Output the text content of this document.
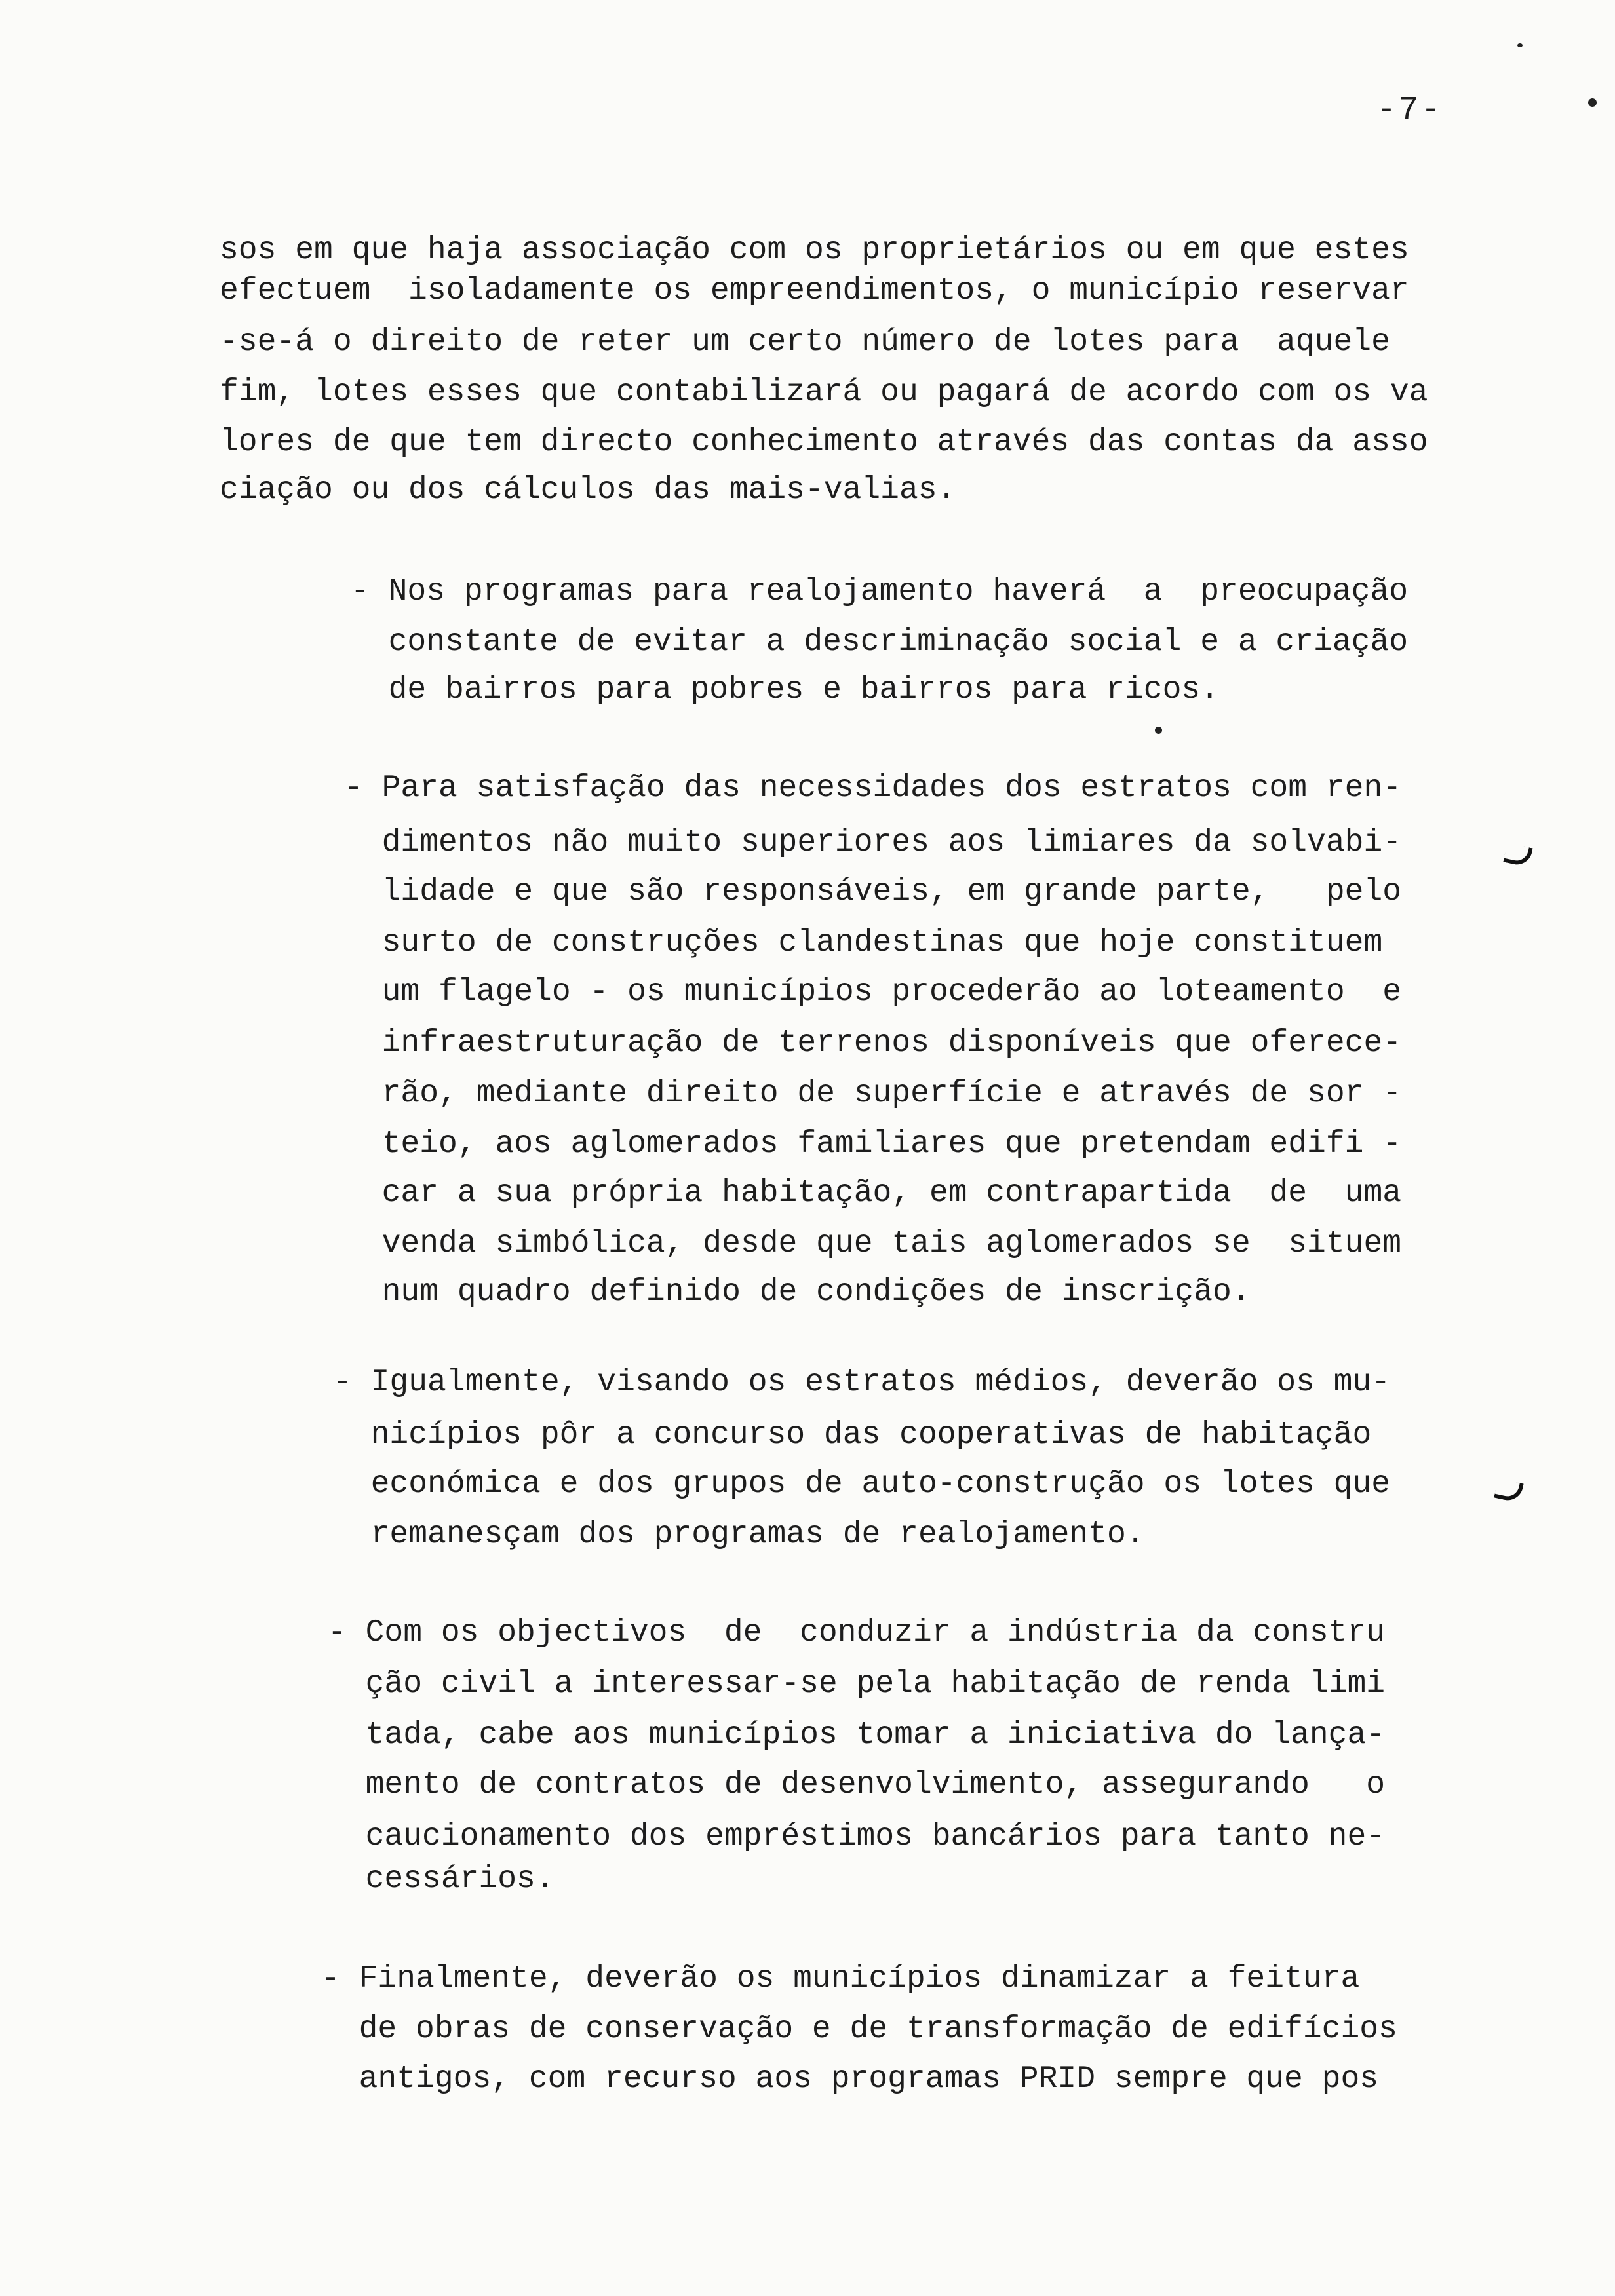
-7-

sos em que haja associação com os proprietários ou em que estes

efectuem  isoladamente os empreendimentos, o município reservar

-se-á o direito de reter um certo número de lotes para  aquele

fim, lotes esses que contabilizará ou pagará de acordo com os va

lores de que tem directo conhecimento através das contas da asso

ciação ou dos cálculos das mais-valias.

- Nos programas para realojamento haverá  a  preocupação

constante de evitar a descriminação social e a criação

de bairros para pobres e bairros para ricos.

- Para satisfação das necessidades dos estratos com ren-

dimentos não muito superiores aos limiares da solvabi-

lidade e que são responsáveis, em grande parte,   pelo

surto de construções clandestinas que hoje constituem

um flagelo - os municípios procederão ao loteamento  e

infraestruturação de terrenos disponíveis que oferece-

rão, mediante direito de superfície e através de sor -

teio, aos aglomerados familiares que pretendam edifi -

car a sua própria habitação, em contrapartida  de  uma

venda simbólica, desde que tais aglomerados se  situem

num quadro definido de condições de inscrição.

- Igualmente, visando os estratos médios, deverão os mu-

nicípios pôr a concurso das cooperativas de habitação

económica e dos grupos de auto-construção os lotes que

remanesçam dos programas de realojamento.

- Com os objectivos  de  conduzir a indústria da constru

ção civil a interessar-se pela habitação de renda limi

tada, cabe aos municípios tomar a iniciativa do lança-

mento de contratos de desenvolvimento, assegurando   o

caucionamento dos empréstimos bancários para tanto ne-

cessários.

- Finalmente, deverão os municípios dinamizar a feitura

de obras de conservação e de transformação de edifícios

antigos, com recurso aos programas PRID sempre que pos
